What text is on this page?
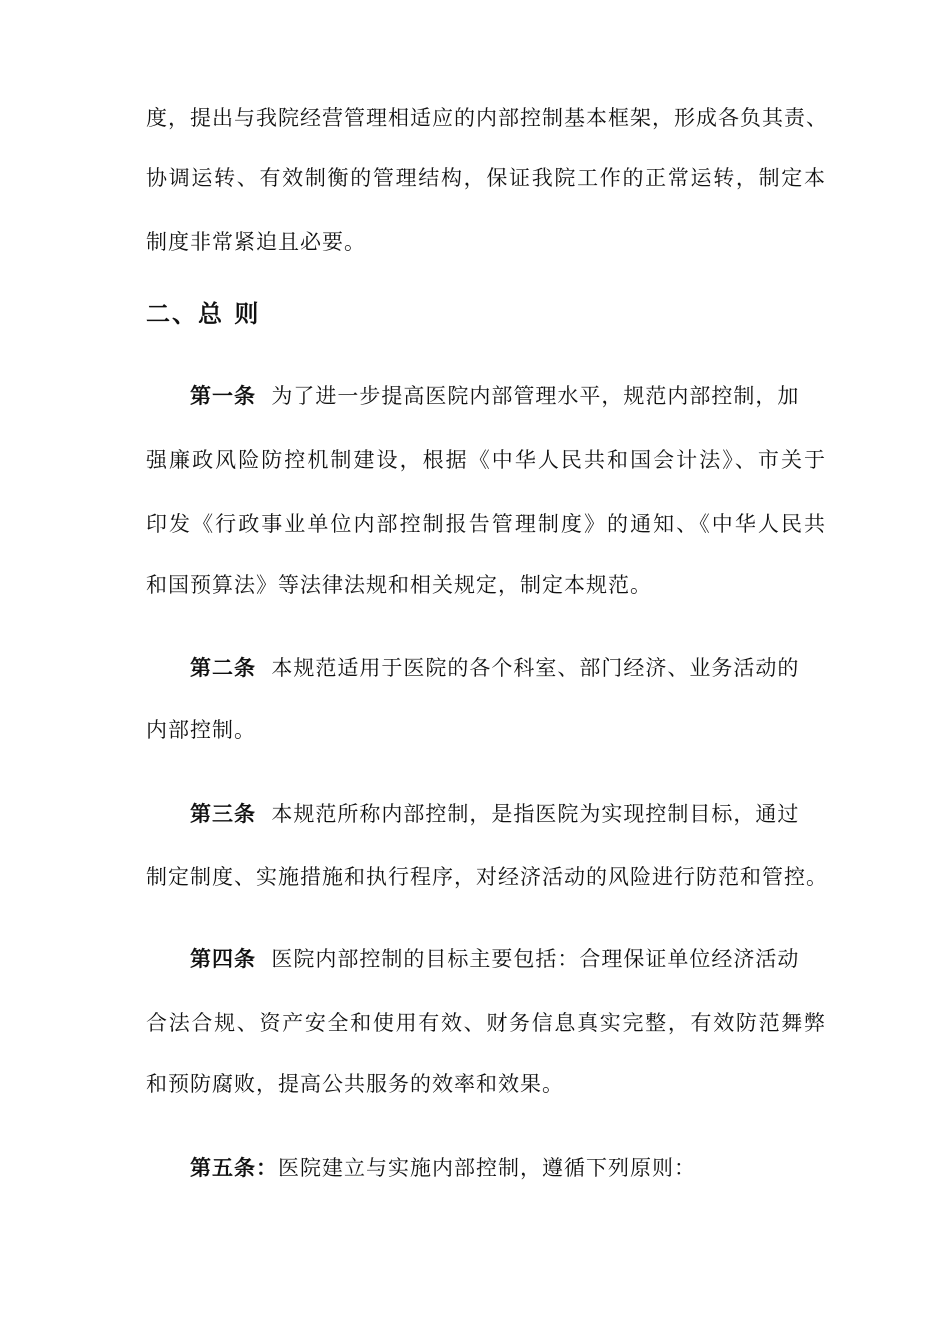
度，提出与我院经营管理相适应的内部控制基本框架，形成各负其责、
协调运转、有效制衡的管理结构，保证我院工作的正常运转，制定本
制度非常紧迫且必要。
二、总 则
第一条 为了进一步提高医院内部管理水平，规范内部控制，加
强廉政风险防控机制建设，根据《中华人民共和国会计法》、市关于
印发《行政事业单位内部控制报告管理制度》的通知、《中华人民共
和国预算法》等法律法规和相关规定，制定本规范。
第二条 本规范适用于医院的各个科室、部门经济、业务活动的
内部控制。
第三条 本规范所称内部控制，是指医院为实现控制目标，通过
制定制度、实施措施和执行程序，对经济活动的风险进行防范和管控。
第四条 医院内部控制的目标主要包括：合理保证单位经济活动
合法合规、资产安全和使用有效、财务信息真实完整，有效防范舞弊
和预防腐败，提高公共服务的效率和效果。
第五条：医院建立与实施内部控制，遵循下列原则：
